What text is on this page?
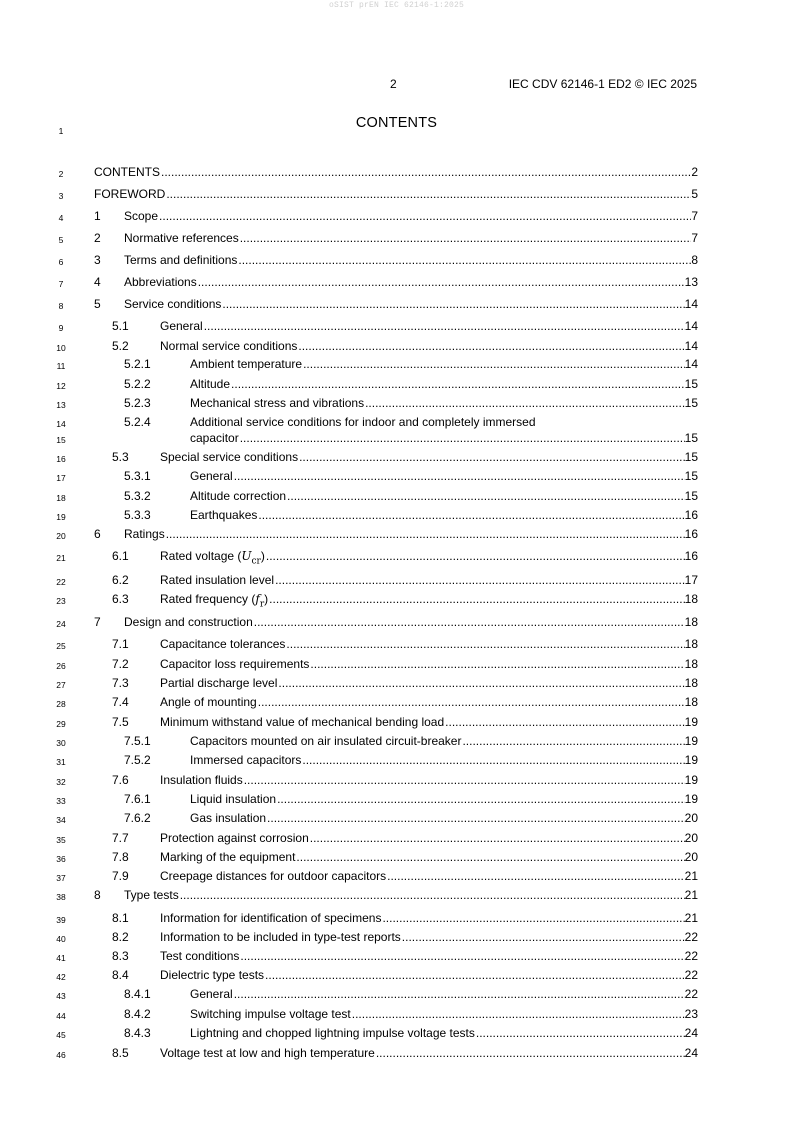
oSIST prEN IEC 62146-1:2025
2	IEC CDV 62146-1 ED2 © IEC 2025
CONTENTS
1
2
3
4
5
6
7
8
9
10
11
12
13
14
15
16
17
18
19
20
21
22
23
24
25
26
27
28
29
30
31
32
33
34
35
36
37
38
39
40
41
42
43
44
45
46
CONTENTS .....	2
FOREWORD .....	5
1 Scope .....	7
2 Normative references .....	7
3 Terms and definitions .....	8
4 Abbreviations .....	13
5 Service conditions .....	14
5.1	General .....	14
5.2	Normal service conditions .....	14
5.2.1	Ambient temperature .....	14
5.2.2	Altitude .....	15
5.2.3	Mechanical stress and vibrations .....	15
5.2.4	Additional service conditions for indoor and completely immersed
capacitor .....	15
5.3	Special service conditions .....	15
5.3.1	General .....	15
5.3.2	Altitude correction .....	15
5.3.3	Earthquakes .....	16
6 Ratings .....	16
6.1	Rated voltage $(U_{cr})$ .....	16
6.2	Rated insulation level .....	17
6.3	Rated frequency $(f_r)$ .....	18
7 Design and construction .....	18
7.1	Capacitance tolerances .....	18
7.2	Capacitor loss requirements .....	18
7.3	Partial discharge level .....	18
7.4	Angle of mounting .....	18
7.5	Minimum withstand value of mechanical bending load .....	19
7.5.1	Capacitors mounted on air insulated circuit-breaker .....	19
7.5.2	Immersed capacitors .....	19
7.6	Insulation fluids .....	19
7.6.1	Liquid insulation .....	19
7.6.2	Gas insulation .....	20
7.7	Protection against corrosion .....	20
7.8	Marking of the equipment .....	20
7.9	Creepage distances for outdoor capacitors .....	21
8 Type tests .....	21
8.1	Information for identification of specimens .....	21
8.2	Information to be included in type-test reports .....	22
8.3	Test conditions .....	22
8.4	Dielectric type tests .....	22
8.4.1	General .....	22
8.4.2	Switching impulse voltage test .....	23
8.4.3	Lightning and chopped lightning impulse voltage tests .....	24
8.5	Voltage test at low and high temperature .....	24
